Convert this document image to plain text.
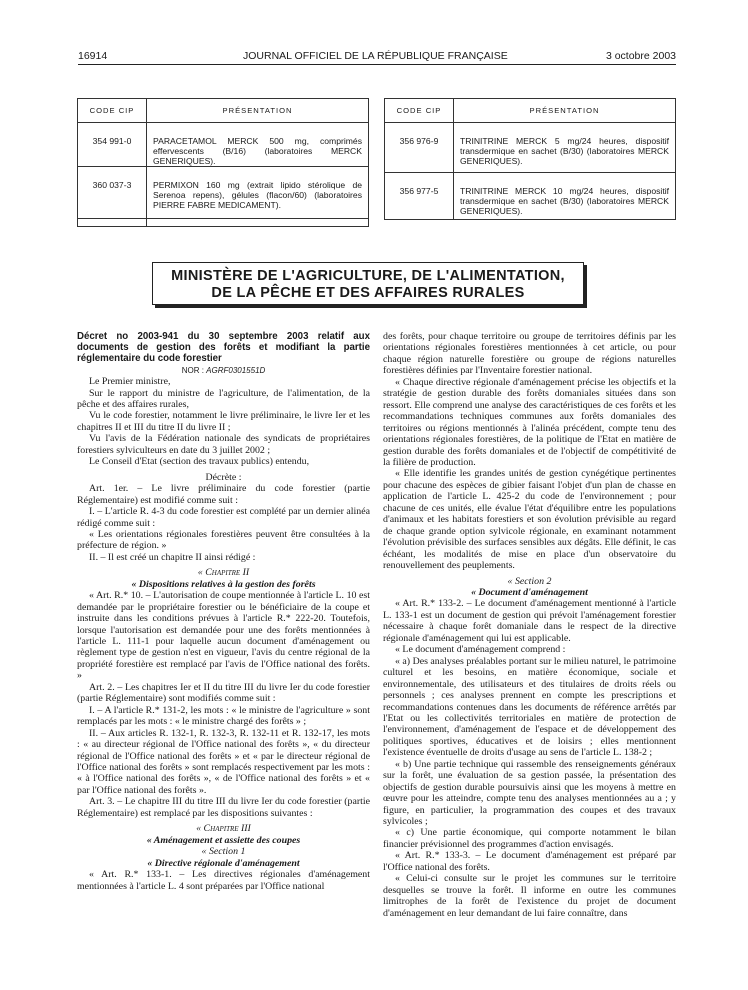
16914	JOURNAL OFFICIEL DE LA RÉPUBLIQUE FRANÇAISE	3 octobre 2003
CODE CIP	PRÉSENTATION
354 991-0	PARACETAMOL MERCK 500 mg, comprimés effervescents (B/16) (laboratoires MERCK GENERIQUES).
360 037-3	PERMIXON 160 mg (extrait lipido stérolique de Serenoa repens), gélules (flacon/60) (laboratoires PIERRE FABRE MEDICAMENT).

CODE CIP	PRÉSENTATION
356 976-9	TRINITRINE MERCK 5 mg/24 heures, dispositif transdermique en sachet (B/30) (laboratoires MERCK GENERIQUES).
356 977-5	TRINITRINE MERCK 10 mg/24 heures, dispositif transdermique en sachet (B/30) (laboratoires MERCK GENERIQUES).
MINISTÈRE DE L'AGRICULTURE, DE L'ALIMENTATION,
DE LA PÊCHE ET DES AFFAIRES RURALES

Décret no 2003-941 du 30 septembre 2003 relatif aux documents de gestion des forêts et modifiant la partie réglementaire du code forestier

NOR : AGRF0301551D

Le Premier ministre,

Sur le rapport du ministre de l'agriculture, de l'alimentation, de la pêche et des affaires rurales,

Vu le code forestier, notamment le livre préliminaire, le livre Ier et les chapitres II et III du titre II du livre II ;

Vu l'avis de la Fédération nationale des syndicats de propriétaires forestiers sylviculteurs en date du 3 juillet 2002 ;

Le Conseil d'Etat (section des travaux publics) entendu,

Décrète :

Art. 1er. – Le livre préliminaire du code forestier (partie Réglementaire) est modifié comme suit :

I. – L'article R. 4-3 du code forestier est complété par un dernier alinéa rédigé comme suit :

« Les orientations régionales forestières peuvent être consultées à la préfecture de région. »

II. – Il est créé un chapitre II ainsi rédigé :

« Chapitre II

« Dispositions relatives à la gestion des forêts

« Art. R.* 10. – L'autorisation de coupe mentionnée à l'article L. 10 est demandée par le propriétaire forestier ou le bénéficiaire de la coupe et instruite dans les conditions prévues à l'article R.* 222-20. Toutefois, lorsque l'autorisation est demandée pour une des forêts mentionnées à l'article L. 111-1 pour laquelle aucun document d'aménagement ou règlement type de gestion n'est en vigueur, l'avis du centre régional de la propriété forestière est remplacé par l'avis de l'Office national des forêts. »

Art. 2. – Les chapitres Ier et II du titre III du livre Ier du code forestier (partie Réglementaire) sont modifiés comme suit :

I. – A l'article R.* 131-2, les mots : « le ministre de l'agriculture » sont remplacés par les mots : « le ministre chargé des forêts » ;

II. – Aux articles R. 132-1, R. 132-3, R. 132-11 et R. 132-17, les mots : « au directeur régional de l'Office national des forêts », « du directeur régional de l'Office national des forêts » et « par le directeur régional de l'Office national des forêts » sont remplacés respectivement par les mots : « à l'Office national des forêts », « de l'Office national des forêts » et « par l'Office national des forêts ».

Art. 3. – Le chapitre III du titre III du livre Ier du code forestier (partie Réglementaire) est remplacé par les dispositions suivantes :

« Chapitre III

« Aménagement et assiette des coupes

« Section 1

« Directive régionale d'aménagement

« Art. R.* 133-1. – Les directives régionales d'aménagement mentionnées à l'article L. 4 sont préparées par l'Office national

des forêts, pour chaque territoire ou groupe de territoires définis par les orientations régionales forestières mentionnées à cet article, ou pour chaque région naturelle forestière ou groupe de régions naturelles forestières définies par l'Inventaire forestier national.

« Chaque directive régionale d'aménagement précise les objectifs et la stratégie de gestion durable des forêts domaniales situées dans son ressort. Elle comprend une analyse des caractéristiques de ces forêts et les recommandations techniques communes aux forêts domaniales des territoires ou régions mentionnés à l'alinéa précédent, compte tenu des orientations régionales forestières, de la politique de l'Etat en matière de gestion durable des forêts domaniales et de l'objectif de compétitivité de la filière de production.

« Elle identifie les grandes unités de gestion cynégétique pertinentes pour chacune des espèces de gibier faisant l'objet d'un plan de chasse en application de l'article L. 425-2 du code de l'environnement ; pour chacune de ces unités, elle évalue l'état d'équilibre entre les populations d'animaux et les habitats forestiers et son évolution prévisible au regard de chaque grande option sylvicole régionale, en examinant notamment l'évolution prévisible des surfaces sensibles aux dégâts. Elle définit, le cas échéant, les modalités de mise en place d'un observatoire du renouvellement des peuplements.

« Section 2

« Document d'aménagement

« Art. R.* 133-2. – Le document d'aménagement mentionné à l'article L. 133-1 est un document de gestion qui prévoit l'aménagement forestier nécessaire à chaque forêt domaniale dans le respect de la directive régionale d'aménagement qui lui est applicable.

« Le document d'aménagement comprend :

« a) Des analyses préalables portant sur le milieu naturel, le patrimoine culturel et les besoins, en matière économique, sociale et environnementale, des utilisateurs et des titulaires de droits réels ou personnels ; ces analyses prennent en compte les prescriptions et recommandations contenues dans les documents de référence arrêtés par l'Etat ou les collectivités territoriales en matière de protection de l'environnement, d'aménagement de l'espace et de développement des politiques sportives, éducatives et de loisirs ; elles mentionnent l'existence éventuelle de droits d'usage au sens de l'article L. 138-2 ;

« b) Une partie technique qui rassemble des renseignements généraux sur la forêt, une évaluation de sa gestion passée, la présentation des objectifs de gestion durable poursuivis ainsi que les moyens à mettre en œuvre pour les atteindre, compte tenu des analyses mentionnées au a ; y figure, en particulier, la programmation des coupes et des travaux sylvicoles ;

« c) Une partie économique, qui comporte notamment le bilan financier prévisionnel des programmes d'action envisagés.

« Art. R.* 133-3. – Le document d'aménagement est préparé par l'Office national des forêts.

« Celui-ci consulte sur le projet les communes sur le territoire desquelles se trouve la forêt. Il informe en outre les communes limitrophes de la forêt de l'existence du projet de document d'aménagement en leur demandant de lui faire connaître, dans
